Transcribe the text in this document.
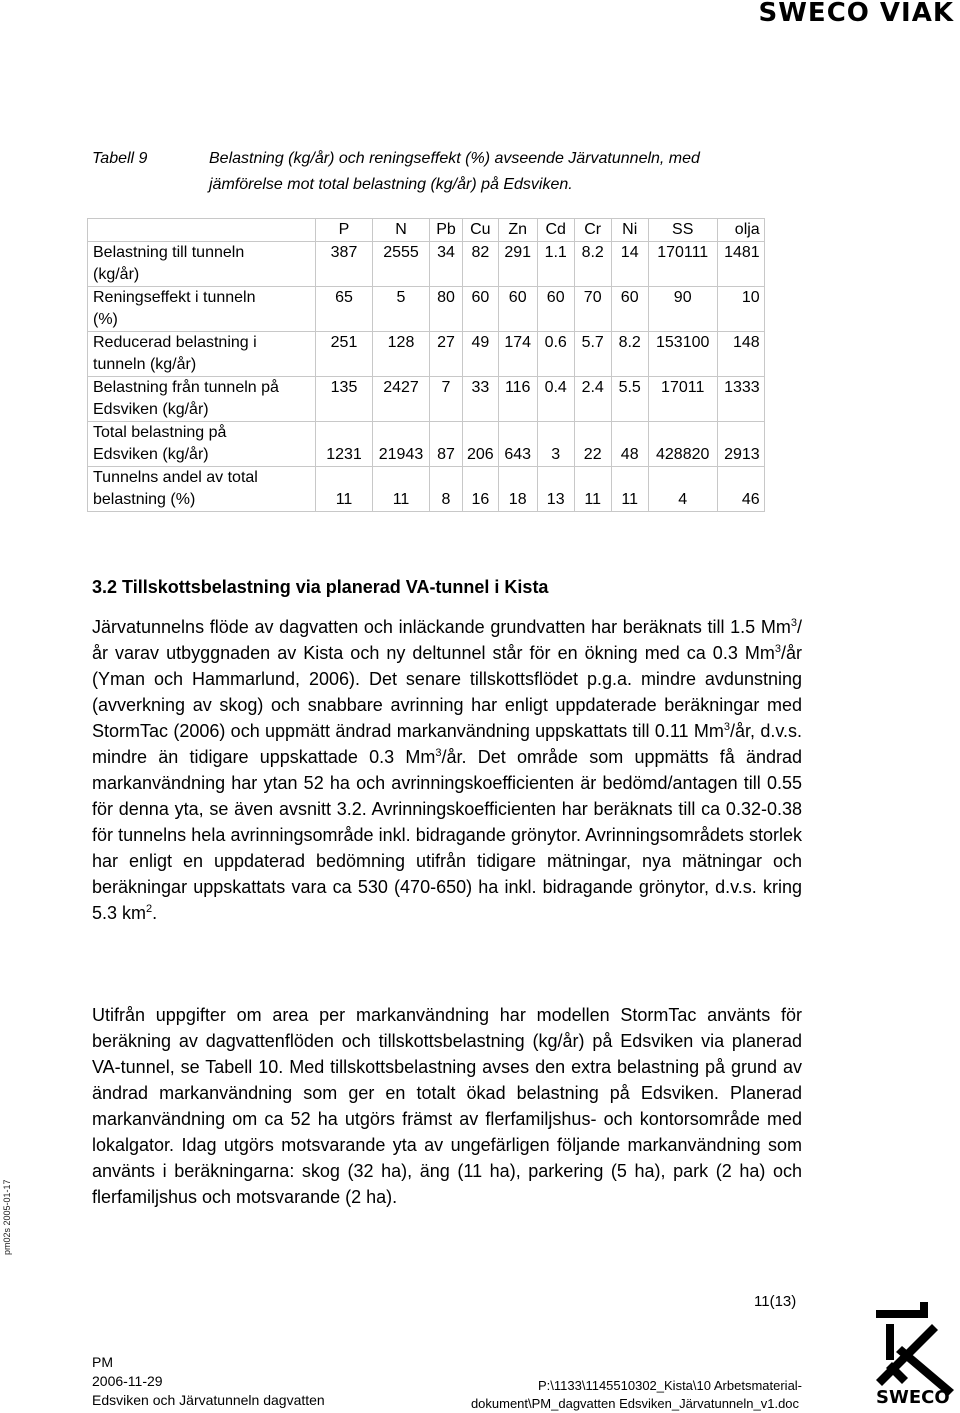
SWECO VIAK
Tabell 9	Belastning (kg/år) och reningseffekt (%) avseende Järvatunneln, med
jämförelse mot total belastning (kg/år) på Edsviken.
	P	N	Pb	Cu	Zn	Cd	Cr	Ni	SS	olja

Belastning till tunneln
(kg/år)	387	2555	34	82	291	1.1	8.2	14	170111	1481

Reningseffekt i tunneln
(%)	65	5	80	60	60	60	70	60	90	10

Reducerad belastning i
tunneln (kg/år)	251	128	27	49	174	0.6	5.7	8.2	153100	148

Belastning från tunneln på
Edsviken (kg/år)	135	2427	7	33	116	0.4	2.4	5.5	17011	1333

Total belastning på
Edsviken (kg/år)	1231	21943	87	206	643	3	22	48	428820	2913

Tunnelns andel av total
belastning (%)	11	11	8	16	18	13	11	11	4	46
3.2 Tillskottsbelastning via planerad VA-tunnel i Kista
Järvatunnelns flöde av dagvatten och inläckande grundvatten har beräknats till 1.5 Mm$^3$/år varav utbyggnaden av Kista och ny deltunnel står för en ökning med ca 0.3 Mm$^3$/år (Yman och Hammarlund, 2006). Det senare tillskottsflödet p.g.a. mindre avdunstning (avverkning av skog) och snabbare avrinning har enligt uppdaterade beräkningar med StormTac (2006) och uppmätt ändrad markanvändning uppskattats till 0.11 Mm$^3$/år, d.v.s. mindre än tidigare uppskattade 0.3 Mm$^3$/år. Det område som uppmätts få ändrad markanvändning har ytan 52 ha och avrinningskoefficienten är bedömd/antagen till 0.55 för denna yta, se även avsnitt 3.2. Avrinningskoefficienten har beräknats till ca 0.32-0.38 för tunnelns hela avrinningsområde inkl. bidragande grönytor. Avrinningsområdets storlek har enligt en uppdaterad bedömning utifrån tidigare mätningar, nya mätningar och beräkningar uppskattats vara ca 530 (470-650) ha inkl. bidragande grönytor, d.v.s. kring 5.3 $km^2$.
Utifrån uppgifter om area per markanvändning har modellen StormTac använts för beräkning av dagvattenflöden och tillskottsbelastning (kg/år) på Edsviken via planerad VA-tunnel, se Tabell 10. Med tillskottsbelastning avses den extra belastning på grund av ändrad markanvändning som ger en totalt ökad belastning på Edsviken. Planerad markanvändning om ca 52 ha utgörs främst av flerfamiljshus- och kontorsområde med lokalgator. Idag utgörs motsvarande yta av ungefärligen följande markanvändning som använts i beräkningarna: skog (32 ha), äng (11 ha), parkering (5 ha), park (2 ha) och flerfamiljshus och motsvarande (2 ha).
pm02s 2005-01-17
11(13)
PM
2006-11-29
Edsviken och Järvatunneln dagvatten
P:\1133\1145510302_Kista\10 Arbetsmaterial-
dokument\PM_dagvatten Edsviken_Järvatunneln_v1.doc	SWECO
